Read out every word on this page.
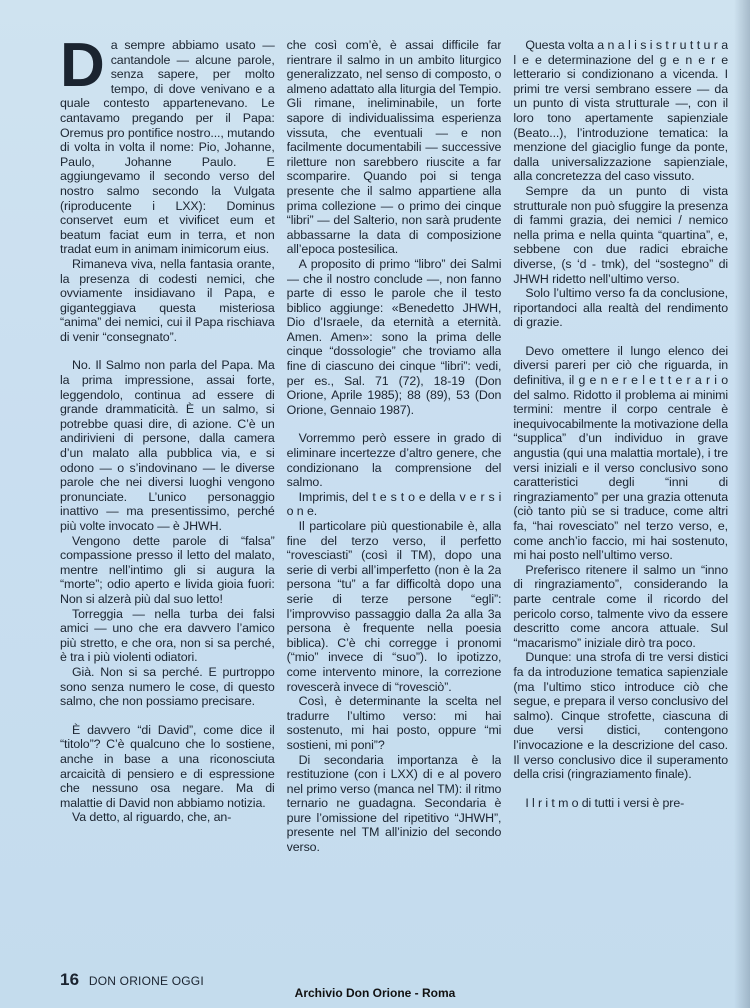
Da sempre abbiamo usato — cantandole — alcune parole, senza sapere, per molto tempo, di dove venivano e a quale contesto appartenevano. Le cantavamo pregando per il Papa: Oremus pro pontifice nostro..., mutando di volta in volta il nome: Pio, Johanne, Paulo, Johanne Paulo. E aggiungevamo il secondo verso del nostro salmo secondo la Vulgata (riproducente i LXX): Dominus conservet eum et vivificet eum et beatum faciat eum in terra, et non tradat eum in animam inimicorum eius.

Rimaneva viva, nella fantasia orante, la presenza di codesti nemici, che ovviamente insidiavano il Papa, e giganteggiava questa misteriosa “anima” dei nemici, cui il Papa rischiava di venir “consegnato”.

No. Il Salmo non parla del Papa. Ma la prima impressione, assai forte, leggendolo, continua ad essere di grande drammaticità. È un salmo, si potrebbe quasi dire, di azione. C’è un andirivieni di persone, dalla camera d’un malato alla pubblica via, e si odono — o s’indovinano — le diverse parole che nei diversi luoghi vengono pronunciate. L’unico personaggio inattivo — ma presentissimo, perché più volte invocato — è JHWH.

Vengono dette parole di “falsa” compassione presso il letto del malato, mentre nell’intimo gli si augura la “morte”; odio aperto e livida gioia fuori: Non si alzerà più dal suo letto!

Torreggia — nella turba dei falsi amici — uno che era davvero l’amico più stretto, e che ora, non si sa perché, è tra i più violenti odiatori.

Già. Non si sa perché. E purtroppo sono senza numero le cose, di questo salmo, che non possiamo precisare.

È davvero “di David”, come dice il “titolo”? C’è qualcuno che lo sostiene, anche in base a una riconosciuta arcaicità di pensiero e di espressione che nessuno osa negare. Ma di malattie di David non abbiamo notizia.

Va detto, al riguardo, che, an-

che così com’è, è assai difficile far rientrare il salmo in un ambito liturgico generalizzato, nel senso di composto, o almeno adattato alla liturgia del Tempio. Gli rimane, ineliminabile, un forte sapore di individualissima esperienza vissuta, che eventuali — e non facilmente documentabili — successive riletture non sarebbero riuscite a far scomparire. Quando poi si tenga presente che il salmo appartiene alla prima collezione — o primo dei cinque “libri” — del Salterio, non sarà prudente abbassarne la data di composizione all’epoca postesilica.

A proposito di primo “libro” dei Salmi — che il nostro conclude —, non fanno parte di esso le parole che il testo biblico aggiunge: «Benedetto JHWH, Dio d’Israele, da eternità a eternità. Amen. Amen»: sono la prima delle cinque “dossologie” che troviamo alla fine di ciascuno dei cinque “libri”: vedi, per es., Sal. 71 (72), 18-19 (Don Orione, Aprile 1985); 88 (89), 53 (Don Orione, Gennaio 1987).

Vorremmo però essere in grado di eliminare incertezze d’altro genere, che condizionano la comprensione del salmo.

Imprimis, del t e s t o e della v e r s i o n e.

Il particolare più questionabile è, alla fine del terzo verso, il perfetto “rovesciasti” (così il TM), dopo una serie di verbi all’imperfetto (non è la 2a persona “tu” a far difficoltà dopo una serie di terze persone “egli”: l’improvviso passaggio dalla 2a alla 3a persona è frequente nella poesia biblica). C’è chi corregge i pronomi (“mio” invece di “suo”). Io ipotizzo, come intervento minore, la correzione rovescerà invece di “rovesciò”.

Così, è determinante la scelta nel tradurre l’ultimo verso: mi hai sostenuto, mi hai posto, oppure “mi sostieni, mi poni”?

Di secondaria importanza è la restituzione (con i LXX) di e al povero nel primo verso (manca nel TM): il ritmo ternario ne guadagna. Secondaria è pure l’omissione del ripetitivo “JHWH”, presente nel TM all’inizio del secondo verso.

Questa volta a n a l i s i s t r u t t u r a l e e determinazione del g e n e r e letterario si condizionano a vicenda. I primi tre versi sembrano essere — da un punto di vista strutturale —, con il loro tono apertamente sapienziale (Beato...), l’introduzione tematica: la menzione del giaciglio funge da ponte, dalla universalizzazione sapienziale, alla concretezza del caso vissuto.

Sempre da un punto di vista strutturale non può sfuggire la presenza di fammi grazia, dei nemici / nemico nella prima e nella quinta “quartina”, e, sebbene con due radici ebraiche diverse, (s ‘d - tmk), del “sostegno” di JHWH ridetto nell’ultimo verso.

Solo l’ultimo verso fa da conclusione, riportandoci alla realtà del rendimento di grazie.

Devo omettere il lungo elenco dei diversi pareri per ciò che riguarda, in definitiva, il g e n e r e l e t t e r a r i o del salmo. Ridotto il problema ai minimi termini: mentre il corpo centrale è inequivocabilmente la motivazione della “supplica” d’un individuo in grave angustia (qui una malattia mortale), i tre versi iniziali e il verso conclusivo sono caratteristici degli “inni di ringraziamento” per una grazia ottenuta (ciò tanto più se si traduce, come altri fa, “hai rovesciato” nel terzo verso, e, come anch’io faccio, mi hai sostenuto, mi hai posto nell’ultimo verso.

Preferisco ritenere il salmo un “inno di ringraziamento”, considerando la parte centrale come il ricordo del pericolo corso, talmente vivo da essere descritto come ancora attuale. Sul “macarismo” iniziale dirò tra poco.

Dunque: una strofa di tre versi distici fa da introduzione tematica sapienziale (ma l’ultimo stico introduce ciò che segue, e prepara il verso conclusivo del salmo). Cinque strofette, ciascuna di due versi distici, contengono l’invocazione e la descrizione del caso. Il verso conclusivo dice il superamento della crisi (ringraziamento finale).

I l r i t m o di tutti i versi è pre-

16 DON ORIONE OGGI
Archivio Don Orione - Roma
